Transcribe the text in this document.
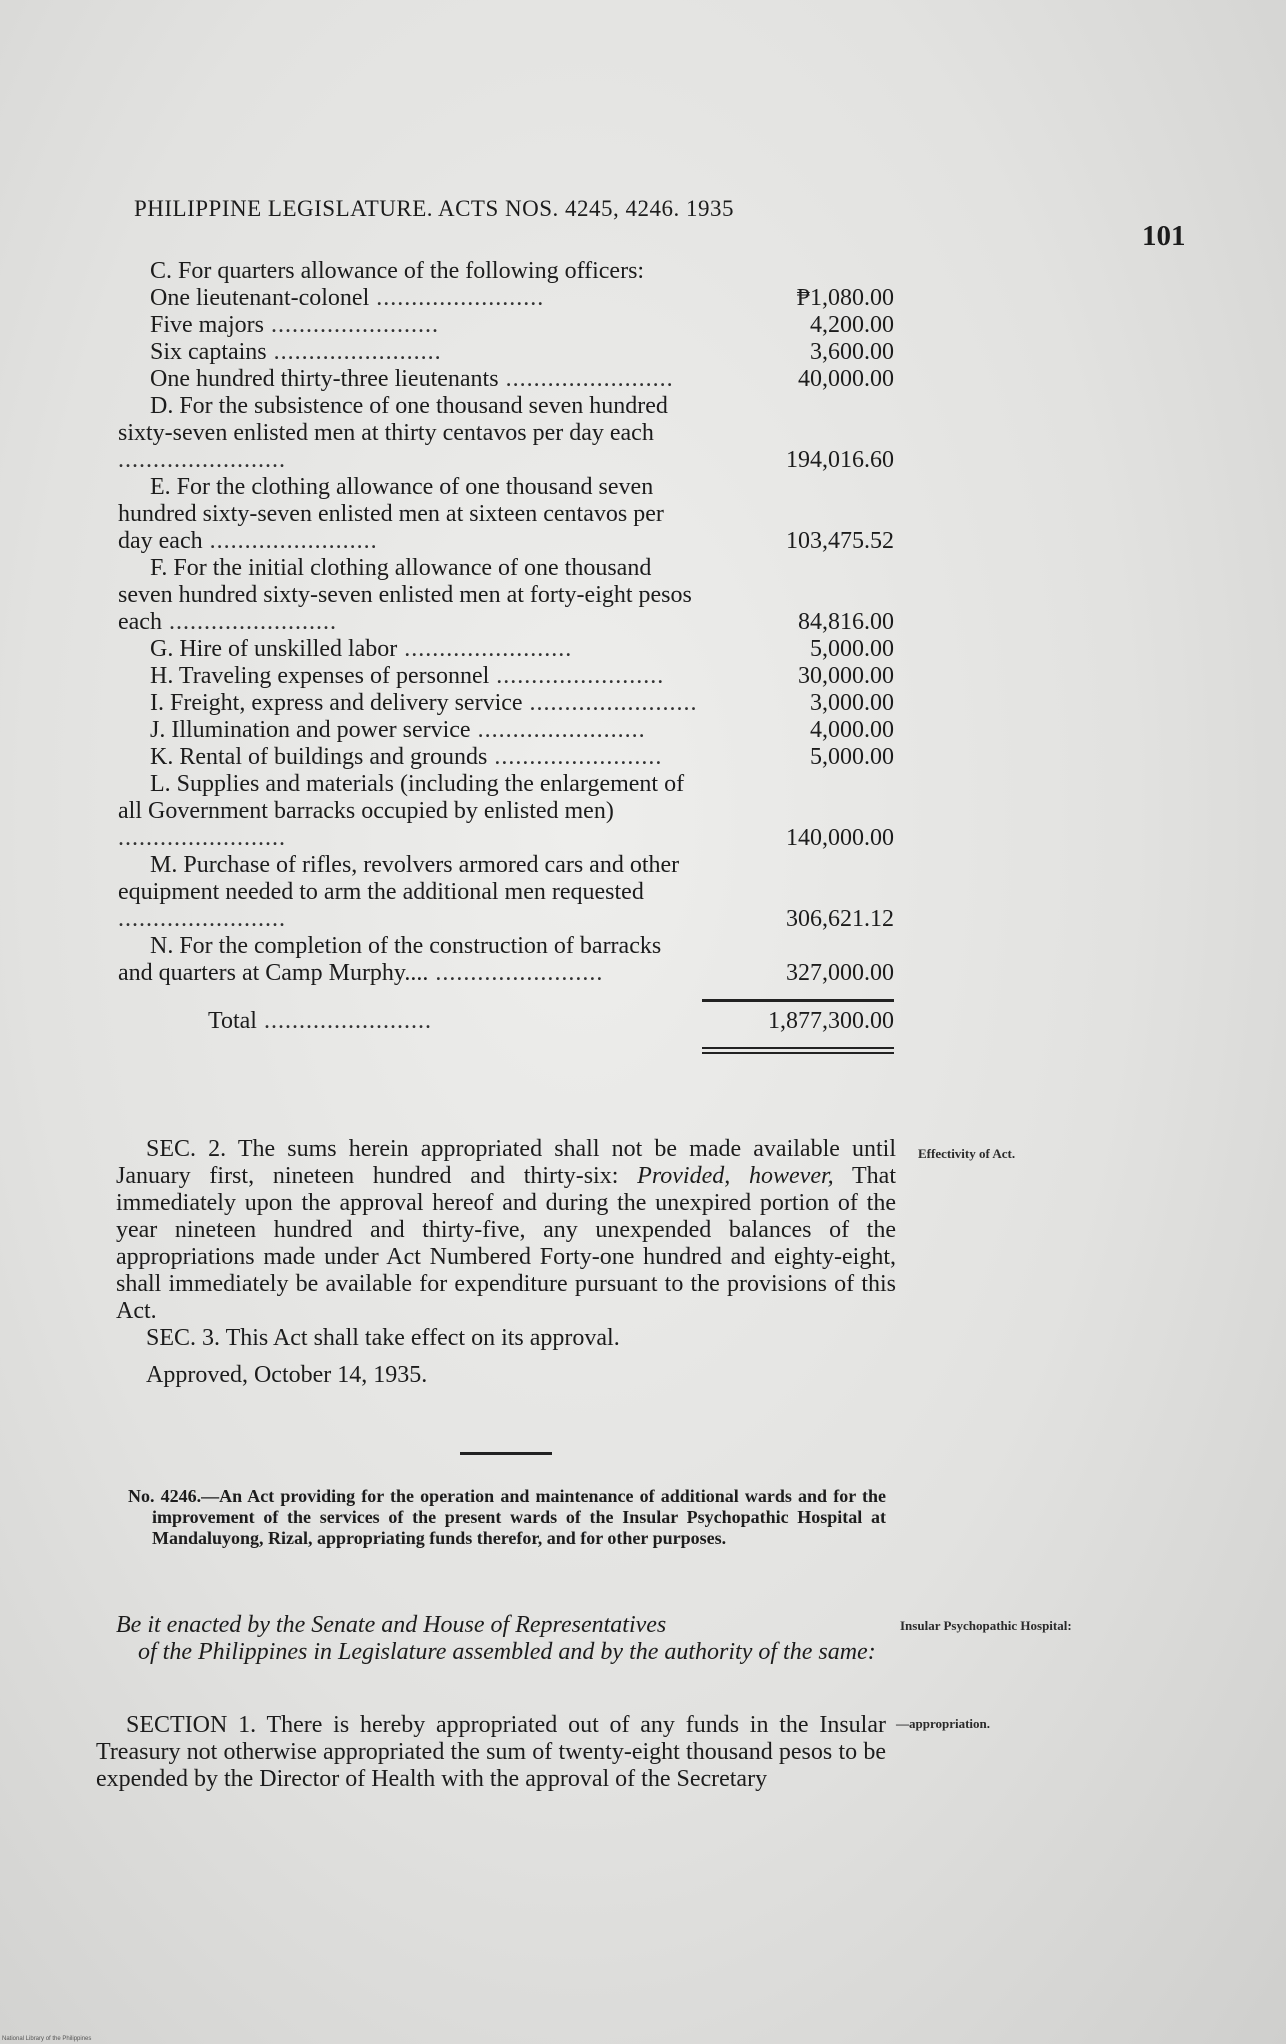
PHILIPPINE LEGISLATURE. ACTS NOS. 4245, 4246. 1935
101
C. For quarters allowance of the following officers:
One lieutenant-colonel .....	₱1,080.00
Five majors .....	4,200.00
Six captains .....	3,600.00
One hundred thirty-three lieutenants .....	40,000.00
D. For the subsistence of one thousand seven hundred sixty-seven enlisted men at thirty centavos per day each .....
194,016.60
E. For the clothing allowance of one thousand seven hundred sixty-seven enlisted men at sixteen centavos per day each .....	103,475.52
F. For the initial clothing allowance of one thousand seven hundred sixty-seven enlisted men at forty-eight pesos each .....	84,816.00
G. Hire of unskilled labor .....	5,000.00
H. Traveling expenses of personnel .....	30,000.00
I. Freight, express and delivery service .....	3,000.00
J. Illumination and power service .....	4,000.00
K. Rental of buildings and grounds .....	5,000.00
L. Supplies and materials (including the enlargement of all Government barracks occupied by enlisted men) .....
140,000.00
M. Purchase of rifles, revolvers armored cars and other equipment needed to arm the additional men requested .....
306,621.12
N. For the completion of the construction of barracks and quarters at Camp Murphy.... .....	327,000.00
Total .....	1,877,300.00

SEC. 2. The sums herein appropriated shall not be made available until January first, nineteen hundred and thirty-six: Provided, however, That immediately upon the approval hereof and during the unexpired portion of the year nineteen hundred and thirty-five, any unexpended balances of the appropriations made under Act Numbered Forty-one hundred and eighty-eight, shall immediately be available for expenditure pursuant to the provisions of this Act.

SEC. 3. This Act shall take effect on its approval.

Approved, October 14, 1935.

No. 4246.—An Act providing for the operation and maintenance of additional wards and for the improvement of the services of the present wards of the Insular Psychopathic Hospital at Mandaluyong, Rizal, appropriating funds therefor, and for other purposes.
Be it enacted by the Senate and House of Representatives
of the Philippines in Legislature assembled and by the authority of the same:

SECTION 1. There is hereby appropriated out of any funds in the Insular Treasury not otherwise appropriated the sum of twenty-eight thousand pesos to be expended by the Director of Health with the approval of the Secretary

Effectivity of Act.
Insular Psychopathic Hospital:
—appropriation.
National Library of the Philippines
